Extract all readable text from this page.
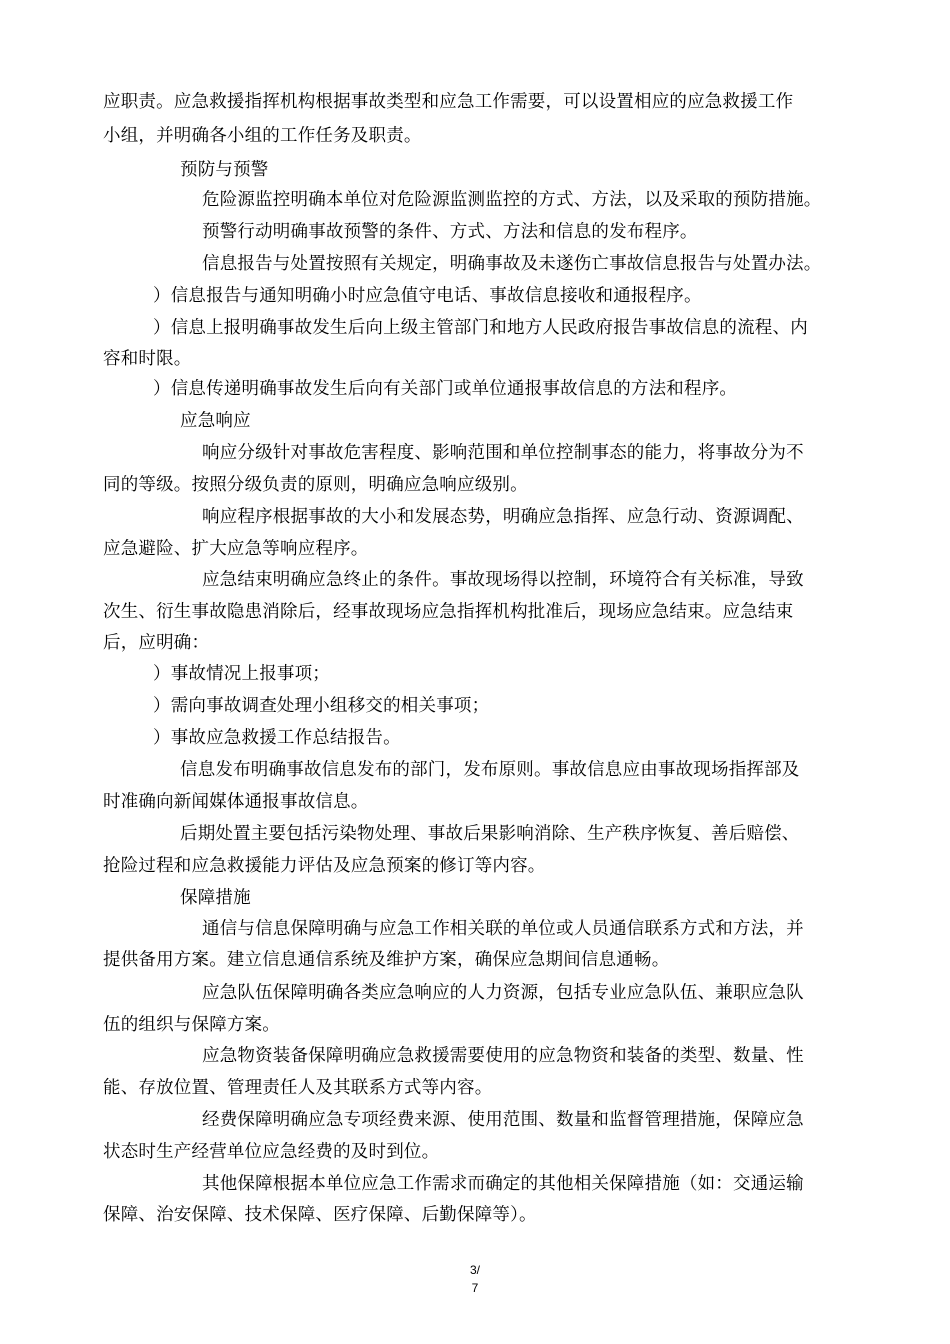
应职责。应急救援指挥机构根据事故类型和应急工作需要，可以设置相应的应急救援工作
小组，并明确各小组的工作任务及职责。
预防与预警
危险源监控明确本单位对危险源监测监控的方式、方法，以及采取的预防措施。
预警行动明确事故预警的条件、方式、方法和信息的发布程序。
信息报告与处置按照有关规定，明确事故及未遂伤亡事故信息报告与处置办法。
）信息报告与通知明确小时应急值守电话、事故信息接收和通报程序。
）信息上报明确事故发生后向上级主管部门和地方人民政府报告事故信息的流程、内
容和时限。
）信息传递明确事故发生后向有关部门或单位通报事故信息的方法和程序。
应急响应
响应分级针对事故危害程度、影响范围和单位控制事态的能力，将事故分为不
同的等级。按照分级负责的原则，明确应急响应级别。
响应程序根据事故的大小和发展态势，明确应急指挥、应急行动、资源调配、
应急避险、扩大应急等响应程序。
应急结束明确应急终止的条件。事故现场得以控制，环境符合有关标准，导致
次生、衍生事故隐患消除后，经事故现场应急指挥机构批准后，现场应急结束。应急结束
后，应明确：
）事故情况上报事项；
）需向事故调查处理小组移交的相关事项；
）事故应急救援工作总结报告。
信息发布明确事故信息发布的部门，发布原则。事故信息应由事故现场指挥部及
时准确向新闻媒体通报事故信息。
后期处置主要包括污染物处理、事故后果影响消除、生产秩序恢复、善后赔偿、
抢险过程和应急救援能力评估及应急预案的修订等内容。
保障措施
通信与信息保障明确与应急工作相关联的单位或人员通信联系方式和方法，并
提供备用方案。建立信息通信系统及维护方案，确保应急期间信息通畅。
应急队伍保障明确各类应急响应的人力资源，包括专业应急队伍、兼职应急队
伍的组织与保障方案。
应急物资装备保障明确应急救援需要使用的应急物资和装备的类型、数量、性
能、存放位置、管理责任人及其联系方式等内容。
经费保障明确应急专项经费来源、使用范围、数量和监督管理措施，保障应急
状态时生产经营单位应急经费的及时到位。
其他保障根据本单位应急工作需求而确定的其他相关保障措施（如：交通运输
保障、治安保障、技术保障、医疗保障、后勤保障等）。
3/
7
